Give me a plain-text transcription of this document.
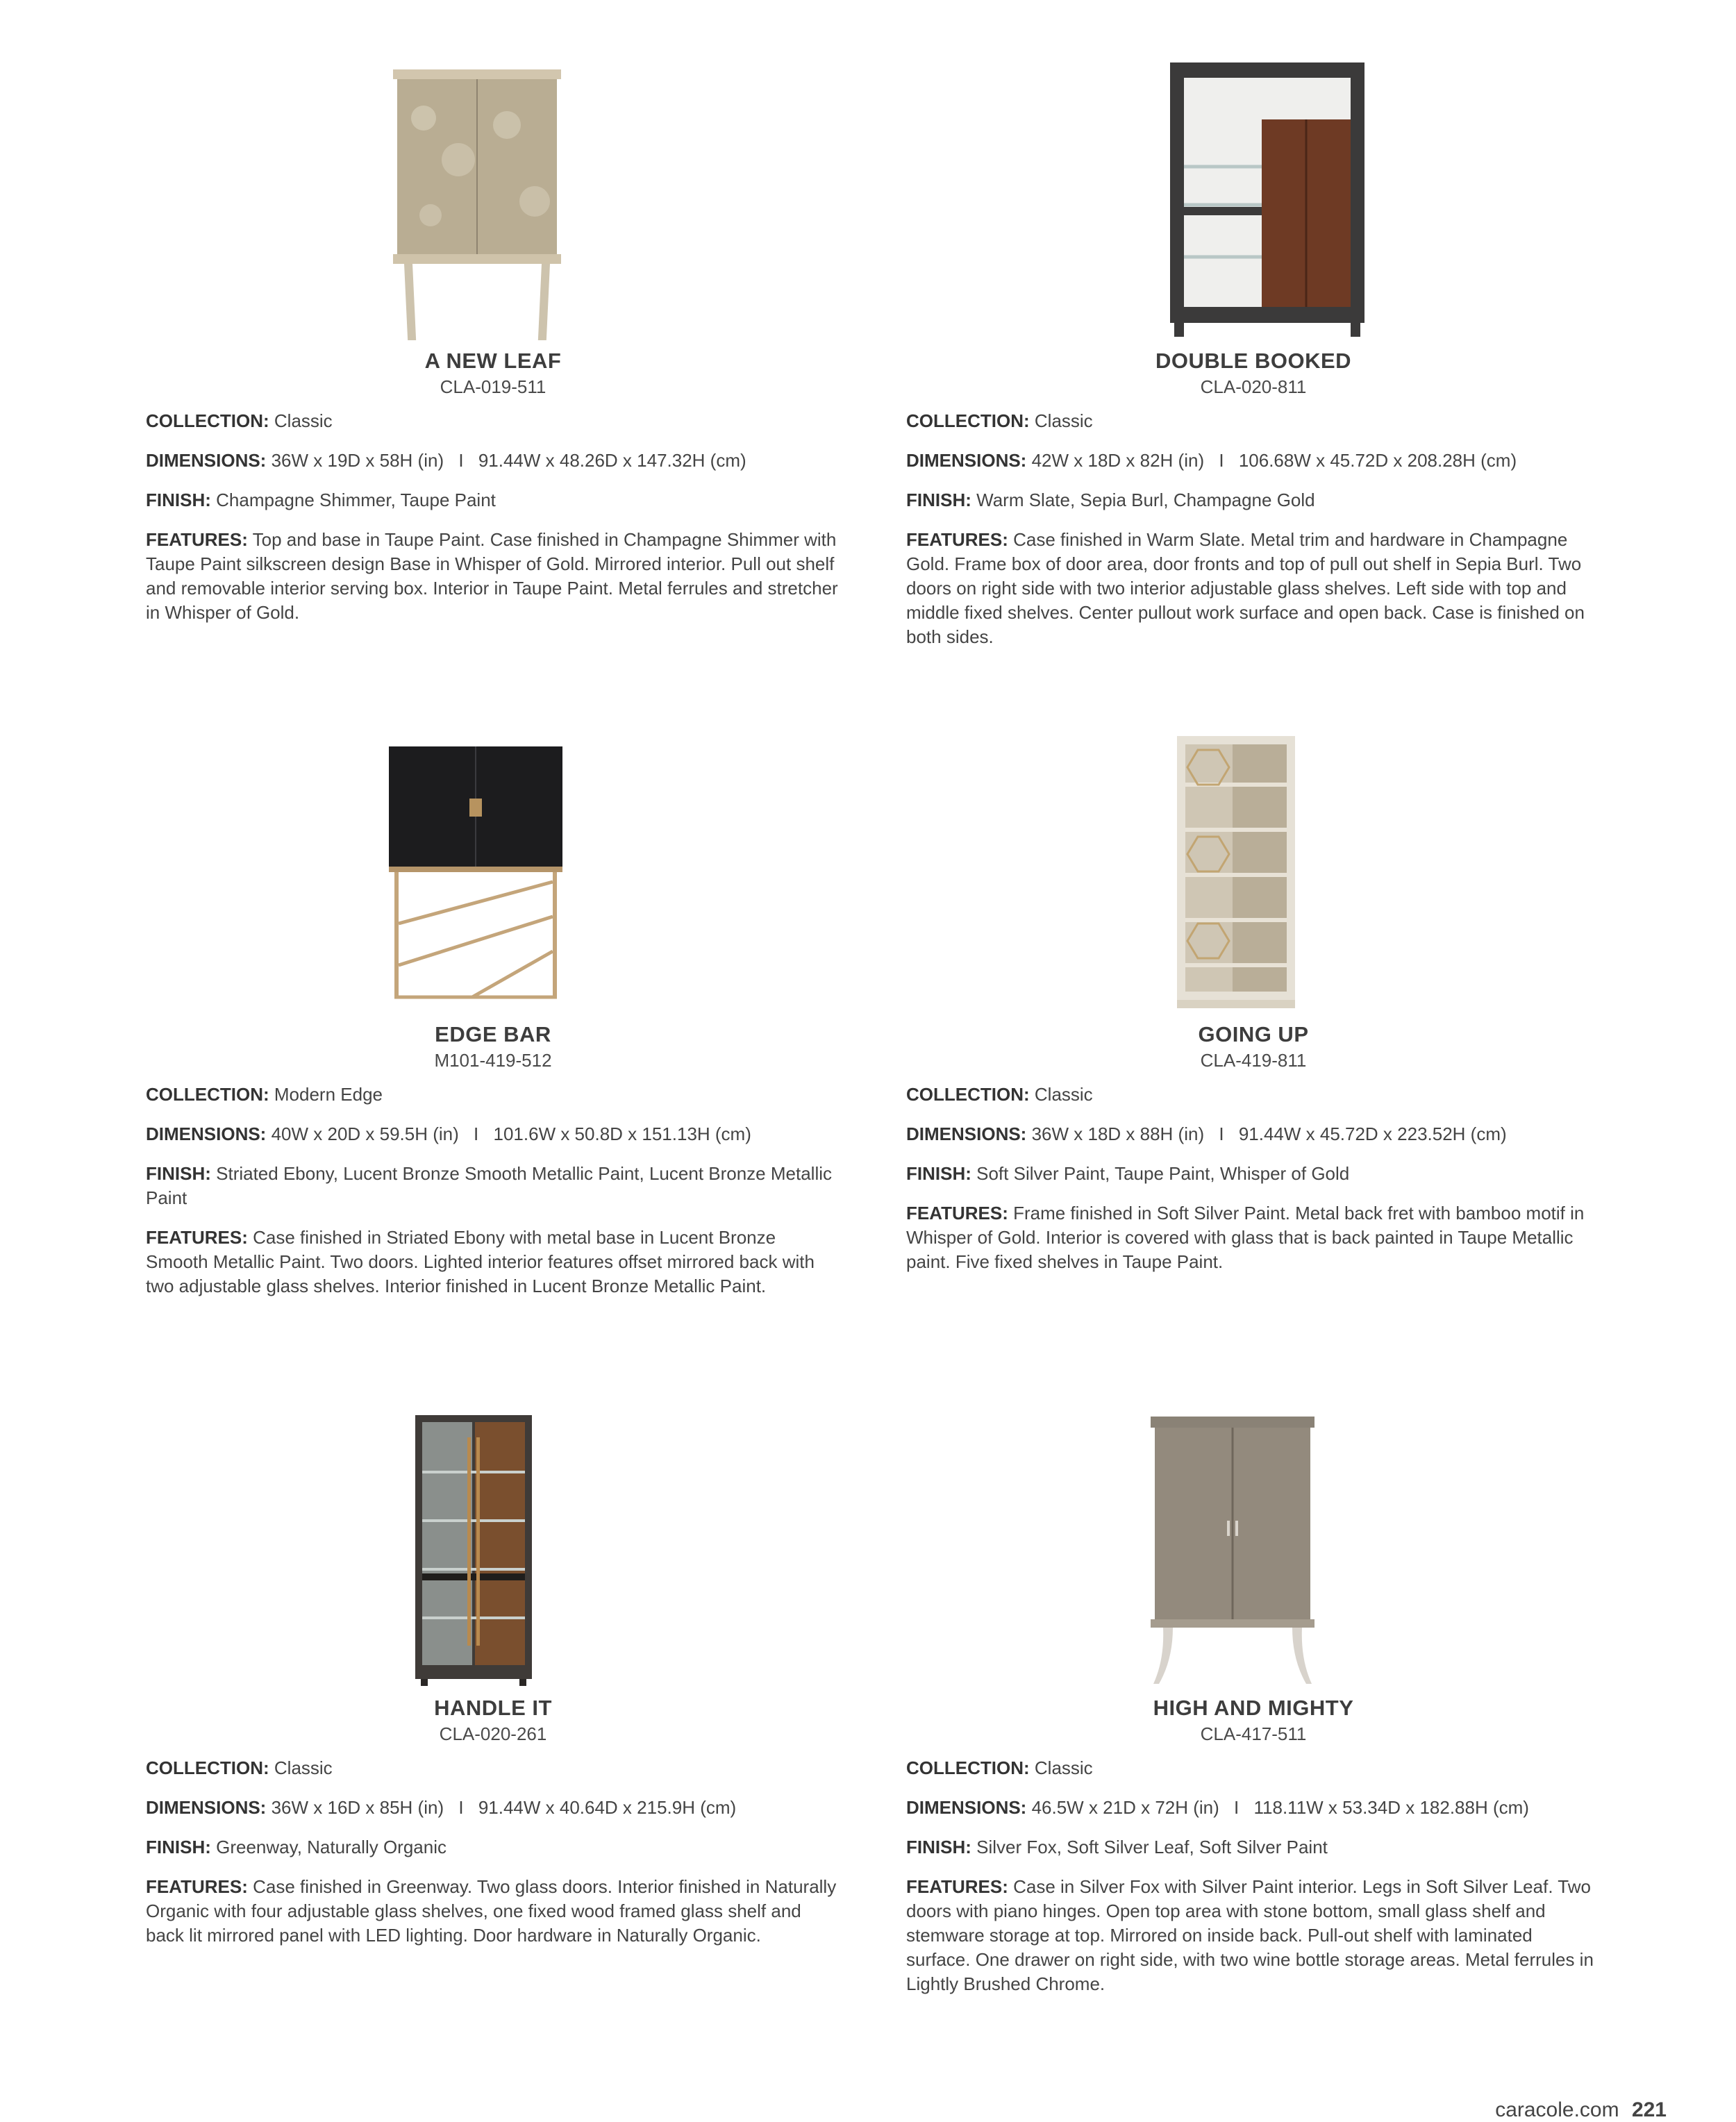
A NEW LEAF
CLA-019-511
COLLECTION: Classic
DIMENSIONS: 36W x 19D x 58H (in) I 91.44W x 48.26D x 147.32H (cm)
FINISH: Champagne Shimmer, Taupe Paint
FEATURES: Top and base in Taupe Paint. Case finished in Champagne Shimmer with Taupe Paint silkscreen design Base in Whisper of Gold. Mirrored interior. Pull out shelf and removable interior serving box. Interior in Taupe Paint. Metal ferrules and stretcher in Whisper of Gold.
DOUBLE BOOKED
CLA-020-811
COLLECTION: Classic
DIMENSIONS: 42W x 18D x 82H (in) I 106.68W x 45.72D x 208.28H (cm)
FINISH: Warm Slate, Sepia Burl, Champagne Gold
FEATURES: Case finished in Warm Slate. Metal trim and hardware in Champagne Gold. Frame box of door area, door fronts and top of pull out shelf in Sepia Burl. Two doors on right side with two interior adjustable glass shelves. Left side with top and middle fixed shelves. Center pullout work surface and open back. Case is finished on both sides.
EDGE BAR
M101-419-512
COLLECTION: Modern Edge
DIMENSIONS: 40W x 20D x 59.5H (in) I 101.6W x 50.8D x 151.13H (cm)
FINISH: Striated Ebony, Lucent Bronze Smooth Metallic Paint, Lucent Bronze Metallic Paint
FEATURES: Case finished in Striated Ebony with metal base in Lucent Bronze Smooth Metallic Paint. Two doors. Lighted interior features offset mirrored back with two adjustable glass shelves. Interior finished in Lucent Bronze Metallic Paint.
GOING UP
CLA-419-811
COLLECTION: Classic
DIMENSIONS: 36W x 18D x 88H (in) I 91.44W x 45.72D x 223.52H (cm)
FINISH: Soft Silver Paint, Taupe Paint, Whisper of Gold
FEATURES: Frame finished in Soft Silver Paint. Metal back fret with bamboo motif in Whisper of Gold. Interior is covered with glass that is back painted in Taupe Metallic paint. Five fixed shelves in Taupe Paint.
HANDLE IT
CLA-020-261
COLLECTION: Classic
DIMENSIONS: 36W x 16D x 85H (in) I 91.44W x 40.64D x 215.9H (cm)
FINISH: Greenway, Naturally Organic
FEATURES: Case finished in Greenway. Two glass doors. Interior finished in Naturally Organic with four adjustable glass shelves, one fixed wood framed glass shelf and back lit mirrored panel with LED lighting. Door hardware in Naturally Organic.
HIGH AND MIGHTY
CLA-417-511
COLLECTION: Classic
DIMENSIONS: 46.5W x 21D x 72H (in) I 118.11W x 53.34D x 182.88H (cm)
FINISH: Silver Fox, Soft Silver Leaf, Soft Silver Paint
FEATURES: Case in Silver Fox with Silver Paint interior. Legs in Soft Silver Leaf. Two doors with piano hinges. Open top area with stone bottom, small glass shelf and stemware storage at top. Mirrored on inside back. Pull-out shelf with laminated surface. One drawer on right side, with two wine bottle storage areas. Metal ferrules in Lightly Brushed Chrome.
caracole.com 221
